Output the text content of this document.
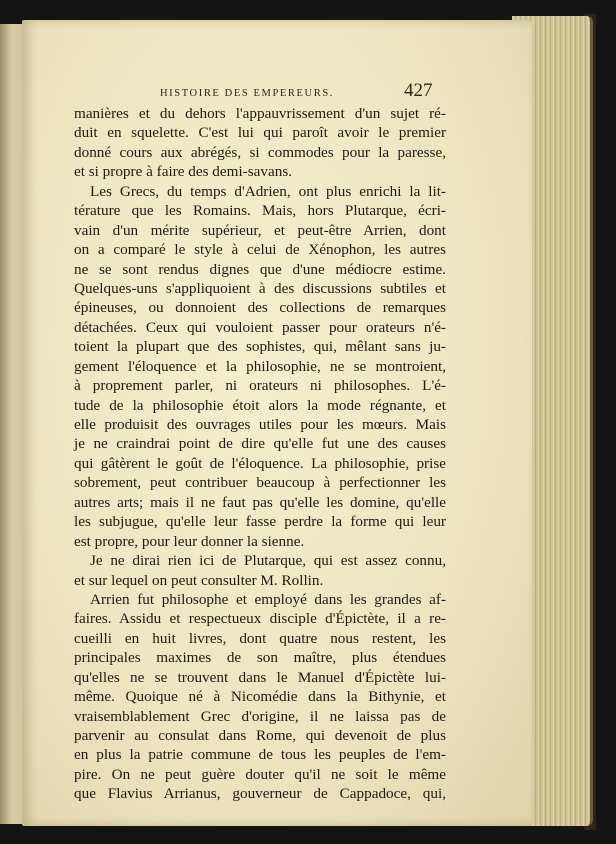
HISTOIRE DES EMPEREURS.	427
manières et du dehors l'appauvrissement d'un sujet ré-
duit en squelette. C'est lui qui paroît avoir le premier
donné cours aux abrégés, si commodes pour la paresse,
et si propre à faire des demi-savans.
Les Grecs, du temps d'Adrien, ont plus enrichi la lit-
térature que les Romains. Mais, hors Plutarque, écri-
vain d'un mérite supérieur, et peut-être Arrien, dont
on a comparé le style à celui de Xénophon, les autres
ne se sont rendus dignes que d'une médiocre estime.
Quelques-uns s'appliquoient à des discussions subtiles et
épineuses, ou donnoient des collections de remarques
détachées. Ceux qui vouloient passer pour orateurs n'é-
toient la plupart que des sophistes, qui, mêlant sans ju-
gement l'éloquence et la philosophie, ne se montroient,
à proprement parler, ni orateurs ni philosophes. L'é-
tude de la philosophie étoit alors la mode régnante, et
elle produisit des ouvrages utiles pour les mœurs. Mais
je ne craindrai point de dire qu'elle fut une des causes
qui gâtèrent le goût de l'éloquence. La philosophie, prise
sobrement, peut contribuer beaucoup à perfectionner les
autres arts; mais il ne faut pas qu'elle les domine, qu'elle
les subjugue, qu'elle leur fasse perdre la forme qui leur
est propre, pour leur donner la sienne.
Je ne dirai rien ici de Plutarque, qui est assez connu,
et sur lequel on peut consulter M. Rollin.
Arrien fut philosophe et employé dans les grandes af-
faires. Assidu et respectueux disciple d'Épictète, il a re-
cueilli en huit livres, dont quatre nous restent, les
principales maximes de son maître, plus étendues
qu'elles ne se trouvent dans le Manuel d'Épictète lui-
même. Quoique né à Nicomédie dans la Bithynie, et
vraisemblablement Grec d'origine, il ne laissa pas de
parvenir au consulat dans Rome, qui devenoit de plus
en plus la patrie commune de tous les peuples de l'em-
pire. On ne peut guère douter qu'il ne soit le même
que Flavius Arrianus, gouverneur de Cappadoce, qui,
